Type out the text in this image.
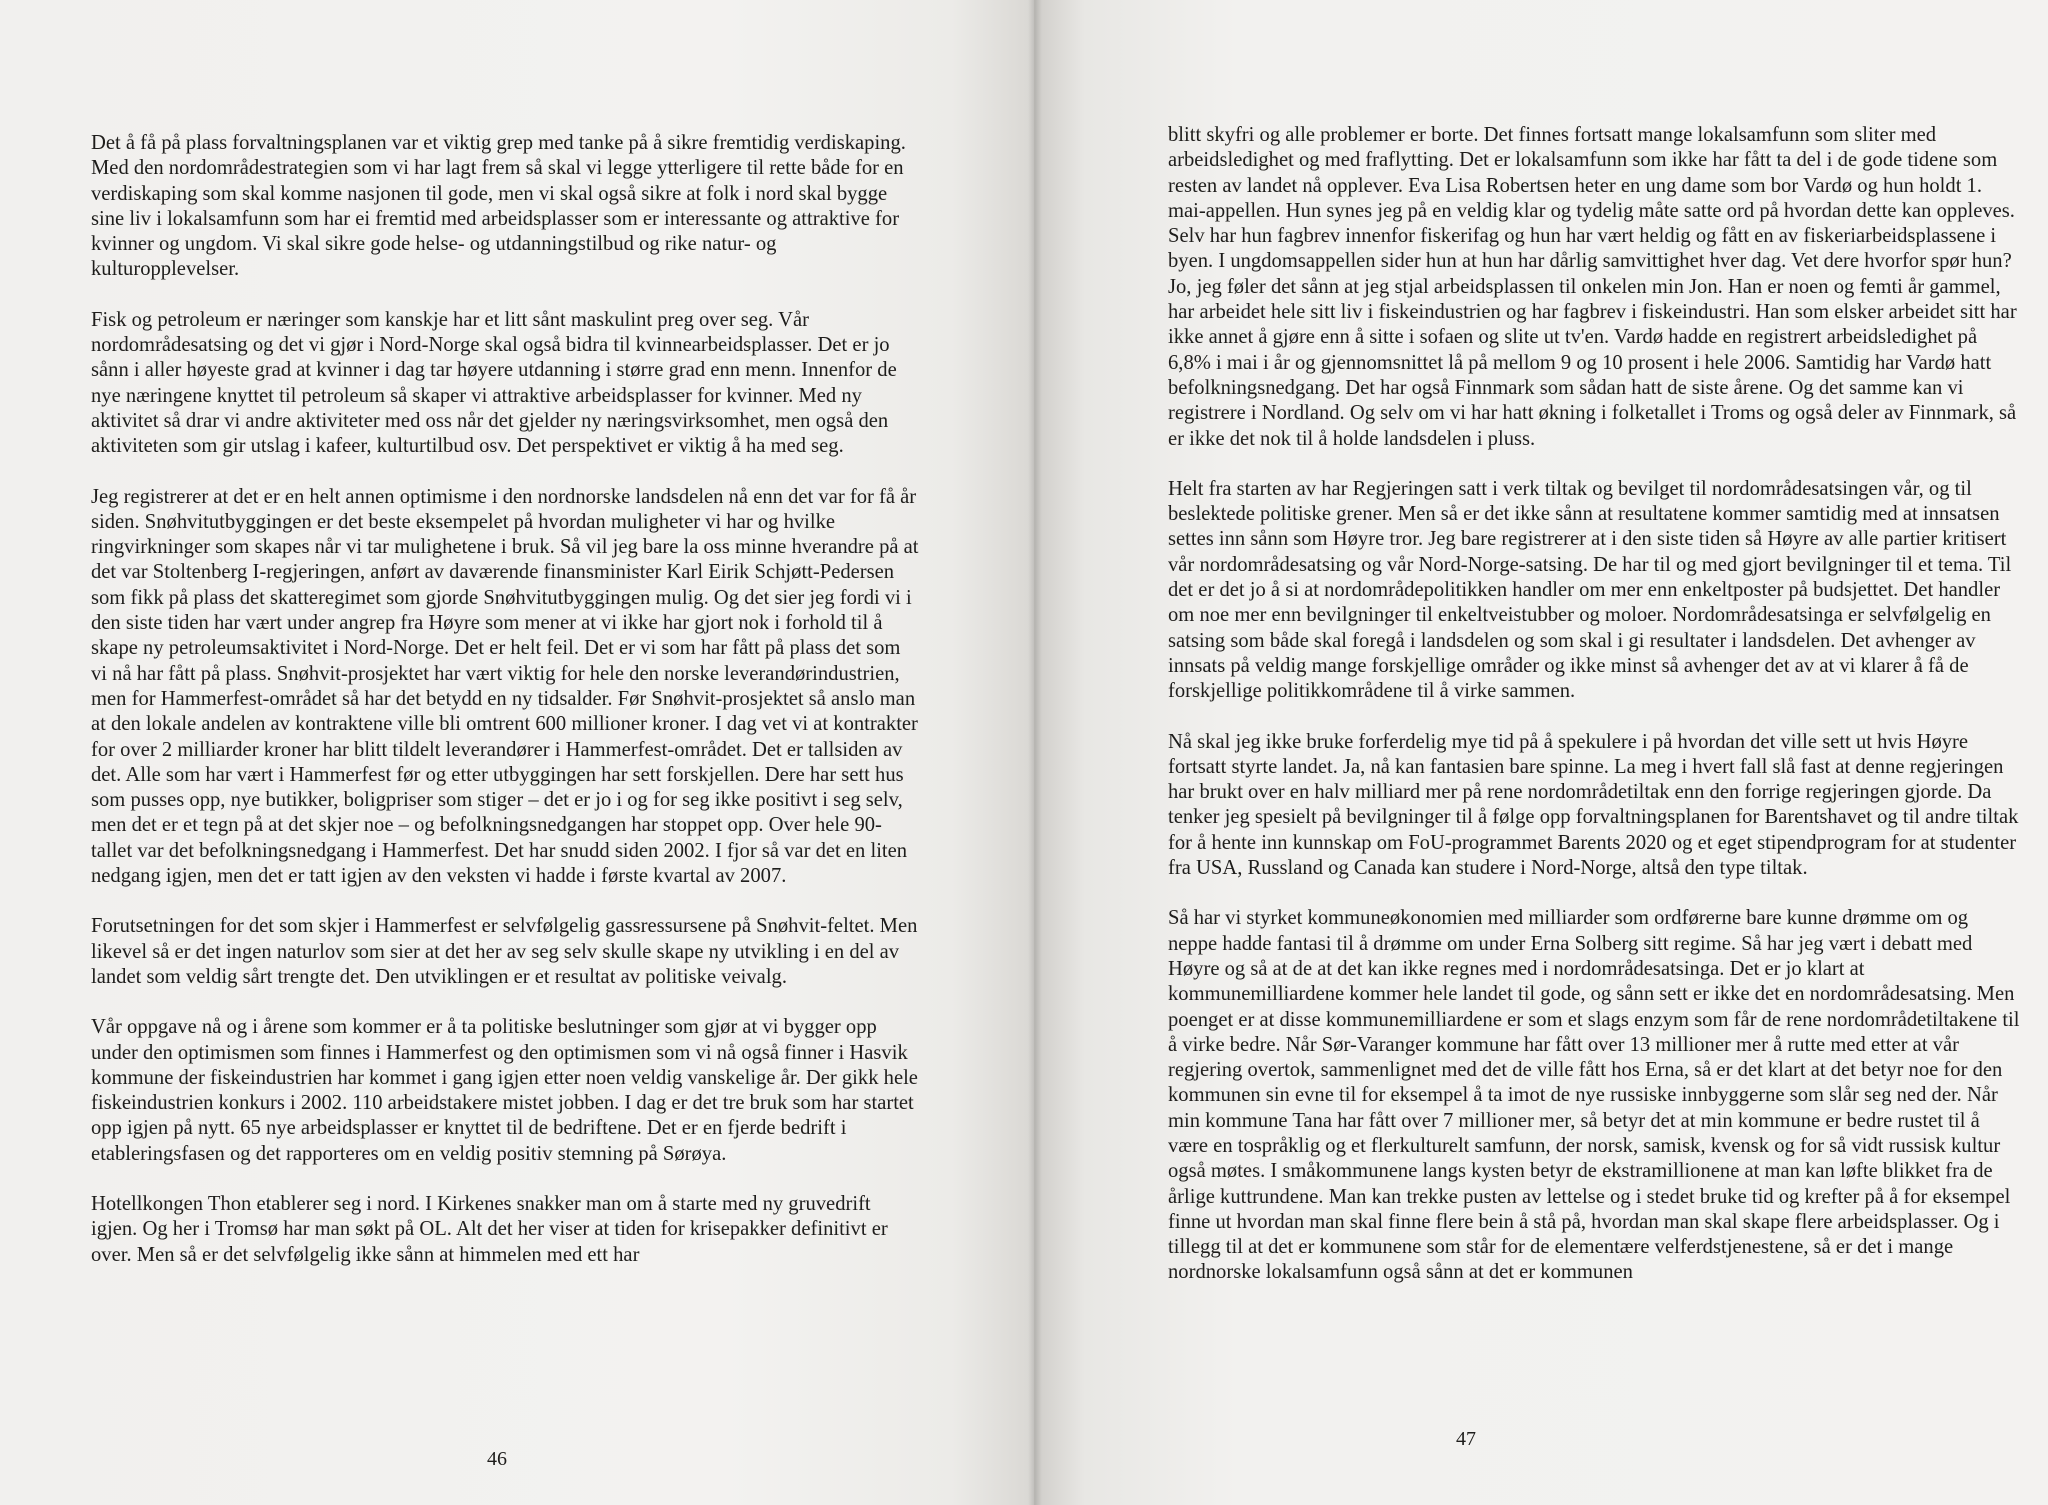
Det å få på plass forvaltningsplanen var et viktig grep med tanke på å sikre fremtidig verdiskaping. Med den nordområdestrategien som vi har lagt frem så skal vi legge ytterligere til rette både for en verdiskaping som skal komme nasjonen til gode, men vi skal også sikre at folk i nord skal bygge sine liv i lokalsamfunn som har ei fremtid med arbeidsplasser som er interessante og attraktive for kvinner og ungdom. Vi skal sikre gode helse- og utdanningstilbud og rike natur- og kulturopplevelser.

Fisk og petroleum er næringer som kanskje har et litt sånt maskulint preg over seg. Vår nordområdesatsing og det vi gjør i Nord-Norge skal også bidra til kvinnearbeidsplasser. Det er jo sånn i aller høyeste grad at kvinner i dag tar høyere utdanning i større grad enn menn. Innenfor de nye næringene knyttet til petroleum så skaper vi attraktive arbeidsplasser for kvinner. Med ny aktivitet så drar vi andre aktiviteter med oss når det gjelder ny næringsvirksomhet, men også den aktiviteten som gir utslag i kafeer, kulturtilbud osv. Det perspektivet er viktig å ha med seg.

Jeg registrerer at det er en helt annen optimisme i den nordnorske landsdelen nå enn det var for få år siden. Snøhvitutbyggingen er det beste eksempelet på hvordan muligheter vi har og hvilke ringvirkninger som skapes når vi tar mulighetene i bruk. Så vil jeg bare la oss minne hverandre på at det var Stoltenberg I-regjeringen, anført av daværende finansminister Karl Eirik Schjøtt-Pedersen som fikk på plass det skatteregimet som gjorde Snøhvitutbyggingen mulig. Og det sier jeg fordi vi i den siste tiden har vært under angrep fra Høyre som mener at vi ikke har gjort nok i forhold til å skape ny petroleumsaktivitet i Nord-Norge. Det er helt feil. Det er vi som har fått på plass det som vi nå har fått på plass. Snøhvit-prosjektet har vært viktig for hele den norske leverandørindustrien, men for Hammerfest-området så har det betydd en ny tidsalder. Før Snøhvit-prosjektet så anslo man at den lokale andelen av kontraktene ville bli omtrent 600 millioner kroner. I dag vet vi at kontrakter for over 2 milliarder kroner har blitt tildelt leverandører i Hammerfest-området. Det er tallsiden av det. Alle som har vært i Hammerfest før og etter utbyggingen har sett forskjellen. Dere har sett hus som pusses opp, nye butikker, boligpriser som stiger – det er jo i og for seg ikke positivt i seg selv, men det er et tegn på at det skjer noe – og befolkningsnedgangen har stoppet opp. Over hele 90-tallet var det befolkningsnedgang i Hammerfest. Det har snudd siden 2002. I fjor så var det en liten nedgang igjen, men det er tatt igjen av den veksten vi hadde i første kvartal av 2007.

Forutsetningen for det som skjer i Hammerfest er selvfølgelig gassressursene på Snøhvit-feltet. Men likevel så er det ingen naturlov som sier at det her av seg selv skulle skape ny utvikling i en del av landet som veldig sårt trengte det. Den utviklingen er et resultat av politiske veivalg.

Vår oppgave nå og i årene som kommer er å ta politiske beslutninger som gjør at vi bygger opp under den optimismen som finnes i Hammerfest og den optimismen som vi nå også finner i Hasvik kommune der fiskeindustrien har kommet i gang igjen etter noen veldig vanskelige år. Der gikk hele fiskeindustrien konkurs i 2002. 110 arbeidstakere mistet jobben. I dag er det tre bruk som har startet opp igjen på nytt. 65 nye arbeidsplasser er knyttet til de bedriftene. Det er en fjerde bedrift i etableringsfasen og det rapporteres om en veldig positiv stemning på Sørøya.

Hotellkongen Thon etablerer seg i nord. I Kirkenes snakker man om å starte med ny gruvedrift igjen. Og her i Tromsø har man søkt på OL. Alt det her viser at tiden for krisepakker definitivt er over. Men så er det selvfølgelig ikke sånn at himmelen med ett har

46

blitt skyfri og alle problemer er borte. Det finnes fortsatt mange lokalsamfunn som sliter med arbeidsledighet og med fraflytting. Det er lokalsamfunn som ikke har fått ta del i de gode tidene som resten av landet nå opplever. Eva Lisa Robertsen heter en ung dame som bor Vardø og hun holdt 1. mai-appellen. Hun synes jeg på en veldig klar og tydelig måte satte ord på hvordan dette kan oppleves. Selv har hun fagbrev innenfor fiskerifag og hun har vært heldig og fått en av fiskeriarbeidsplassene i byen. I ungdomsappellen sider hun at hun har dårlig samvittighet hver dag. Vet dere hvorfor spør hun? Jo, jeg føler det sånn at jeg stjal arbeidsplassen til onkelen min Jon. Han er noen og femti år gammel, har arbeidet hele sitt liv i fiskeindustrien og har fagbrev i fiskeindustri. Han som elsker arbeidet sitt har ikke annet å gjøre enn å sitte i sofaen og slite ut tv'en. Vardø hadde en registrert arbeidsledighet på 6,8% i mai i år og gjennomsnittet lå på mellom 9 og 10 prosent i hele 2006. Samtidig har Vardø hatt befolkningsnedgang. Det har også Finnmark som sådan hatt de siste årene. Og det samme kan vi registrere i Nordland. Og selv om vi har hatt økning i folketallet i Troms og også deler av Finnmark, så er ikke det nok til å holde landsdelen i pluss.

Helt fra starten av har Regjeringen satt i verk tiltak og bevilget til nordområdesatsingen vår, og til beslektede politiske grener. Men så er det ikke sånn at resultatene kommer samtidig med at innsatsen settes inn sånn som Høyre tror. Jeg bare registrerer at i den siste tiden så Høyre av alle partier kritisert vår nordområdesatsing og vår Nord-Norge-satsing. De har til og med gjort bevilgninger til et tema. Til det er det jo å si at nordområdepolitikken handler om mer enn enkeltposter på budsjettet. Det handler om noe mer enn bevilgninger til enkeltveistubber og moloer. Nordområdesatsinga er selvfølgelig en satsing som både skal foregå i landsdelen og som skal i gi resultater i landsdelen. Det avhenger av innsats på veldig mange forskjellige områder og ikke minst så avhenger det av at vi klarer å få de forskjellige politikkområdene til å virke sammen.

Nå skal jeg ikke bruke forferdelig mye tid på å spekulere i på hvordan det ville sett ut hvis Høyre fortsatt styrte landet. Ja, nå kan fantasien bare spinne. La meg i hvert fall slå fast at denne regjeringen har brukt over en halv milliard mer på rene nordområdetiltak enn den forrige regjeringen gjorde. Da tenker jeg spesielt på bevilgninger til å følge opp forvaltningsplanen for Barentshavet og til andre tiltak for å hente inn kunnskap om FoU-programmet Barents 2020 og et eget stipendprogram for at studenter fra USA, Russland og Canada kan studere i Nord-Norge, altså den type tiltak.

Så har vi styrket kommuneøkonomien med milliarder som ordførerne bare kunne drømme om og neppe hadde fantasi til å drømme om under Erna Solberg sitt regime. Så har jeg vært i debatt med Høyre og så at de at det kan ikke regnes med i nordområdesatsinga. Det er jo klart at kommunemilliardene kommer hele landet til gode, og sånn sett er ikke det en nordområdesatsing. Men poenget er at disse kommunemilliardene er som et slags enzym som får de rene nordområdetiltakene til å virke bedre. Når Sør-Varanger kommune har fått over 13 millioner mer å rutte med etter at vår regjering overtok, sammenlignet med det de ville fått hos Erna, så er det klart at det betyr noe for den kommunen sin evne til for eksempel å ta imot de nye russiske innbyggerne som slår seg ned der. Når min kommune Tana har fått over 7 millioner mer, så betyr det at min kommune er bedre rustet til å være en tospråklig og et flerkulturelt samfunn, der norsk, samisk, kvensk og for så vidt russisk kultur også møtes. I småkommunene langs kysten betyr de ekstramillionene at man kan løfte blikket fra de årlige kuttrundene. Man kan trekke pusten av lettelse og i stedet bruke tid og krefter på å for eksempel finne ut hvordan man skal finne flere bein å stå på, hvordan man skal skape flere arbeidsplasser. Og i tillegg til at det er kommunene som står for de elementære velferdstjenestene, så er det i mange nordnorske lokalsamfunn også sånn at det er kommunen

47
